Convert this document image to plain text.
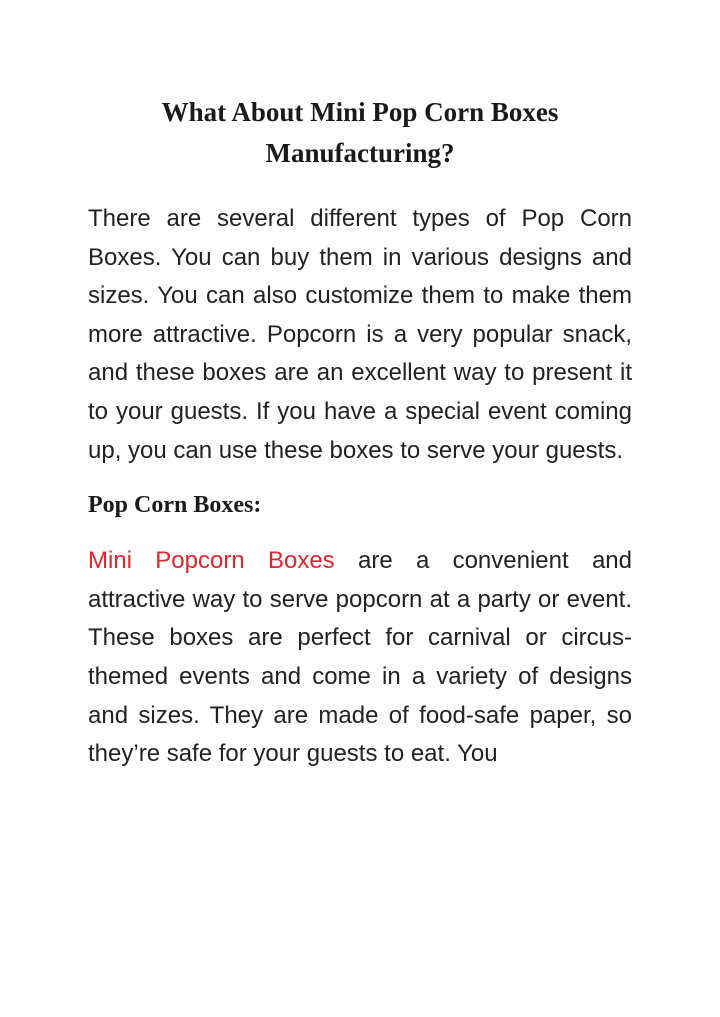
What About Mini Pop Corn Boxes Manufacturing?

There are several different types of Pop Corn Boxes. You can buy them in various designs and sizes. You can also customize them to make them more attractive. Popcorn is a very popular snack, and these boxes are an excellent way to present it to your guests. If you have a special event coming up, you can use these boxes to serve your guests.

Pop Corn Boxes:

Mini Popcorn Boxes are a convenient and attractive way to serve popcorn at a party or event. These boxes are perfect for carnival or circus-themed events and come in a variety of designs and sizes. They are made of food-safe paper, so they’re safe for your guests to eat. You
